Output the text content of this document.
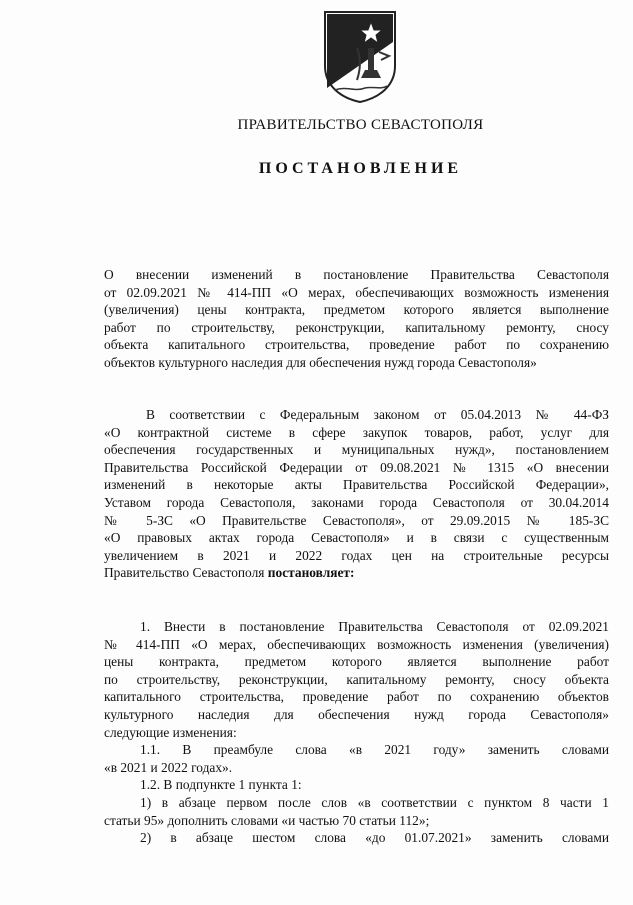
ПРАВИТЕЛЬСТВО СЕВАСТОПОЛЯ
ПОСТАНОВЛЕНИЕ
О внесении изменений в постановление Правительства Севастополя
от 02.09.2021 № 414-ПП «О мерах, обеспечивающих возможность изменения
(увеличения) цены контракта, предметом которого является выполнение
работ по строительству, реконструкции, капитальному ремонту, сносу
объекта капитального строительства, проведение работ по сохранению
объектов культурного наследия для обеспечения нужд города Севастополя»
В соответствии с Федеральным законом от 05.04.2013 № 44-ФЗ
«О контрактной системе в сфере закупок товаров, работ, услуг для
обеспечения государственных и муниципальных нужд», постановлением
Правительства Российской Федерации от 09.08.2021 № 1315 «О внесении
изменений в некоторые акты Правительства Российской Федерации»,
Уставом города Севастополя, законами города Севастополя от 30.04.2014
№ 5-ЗС «О Правительстве Севастополя», от 29.09.2015 № 185-ЗС
«О правовых актах города Севастополя» и в связи с существенным
увеличением в 2021 и 2022 годах цен на строительные ресурсы
Правительство Севастополя постановляет:
1. Внести в постановление Правительства Севастополя от 02.09.2021
№ 414-ПП «О мерах, обеспечивающих возможность изменения (увеличения)
цены контракта, предметом которого является выполнение работ
по строительству, реконструкции, капитальному ремонту, сносу объекта
капитального строительства, проведение работ по сохранению объектов
культурного наследия для обеспечения нужд города Севастополя»
следующие изменения:
1.1. В преамбуле слова «в 2021 году» заменить словами
«в 2021 и 2022 годах».
1.2. В подпункте 1 пункта 1:
1) в абзаце первом после слов «в соответствии с пунктом 8 части 1
статьи 95» дополнить словами «и частью 70 статьи 112»;
2) в абзаце шестом слова «до 01.07.2021» заменить словами
